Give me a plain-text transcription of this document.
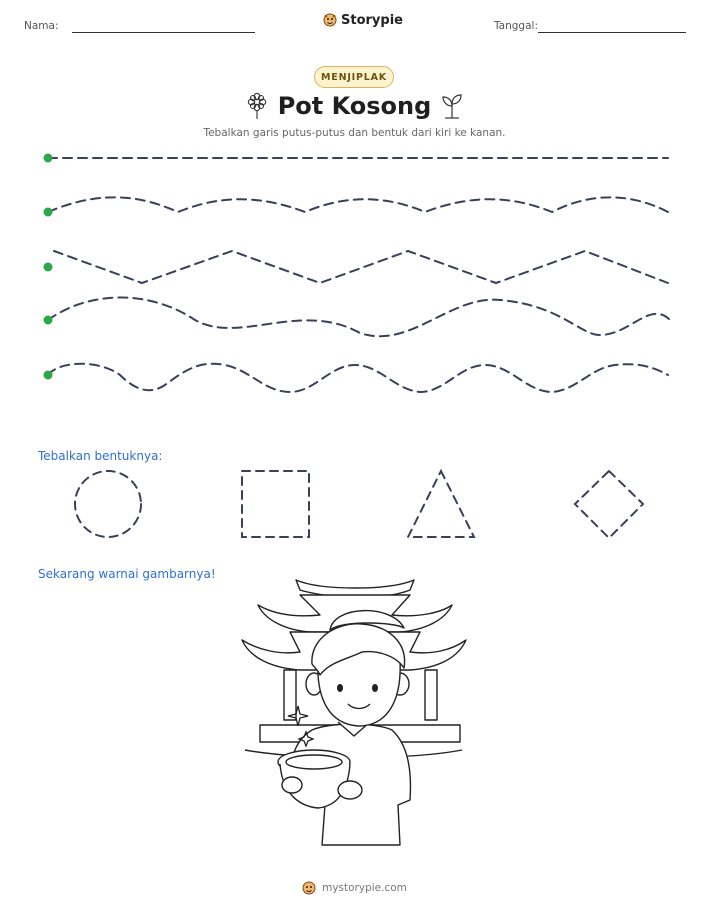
Nama:	Storypie	Tanggal:
MENJIPLAK
Pot Kosong
Tebalkan garis putus-putus dan bentuk dari kiri ke kanan.
Tebalkan bentuknya:
Sekarang warnai gambarnya!
mystorypie.com
